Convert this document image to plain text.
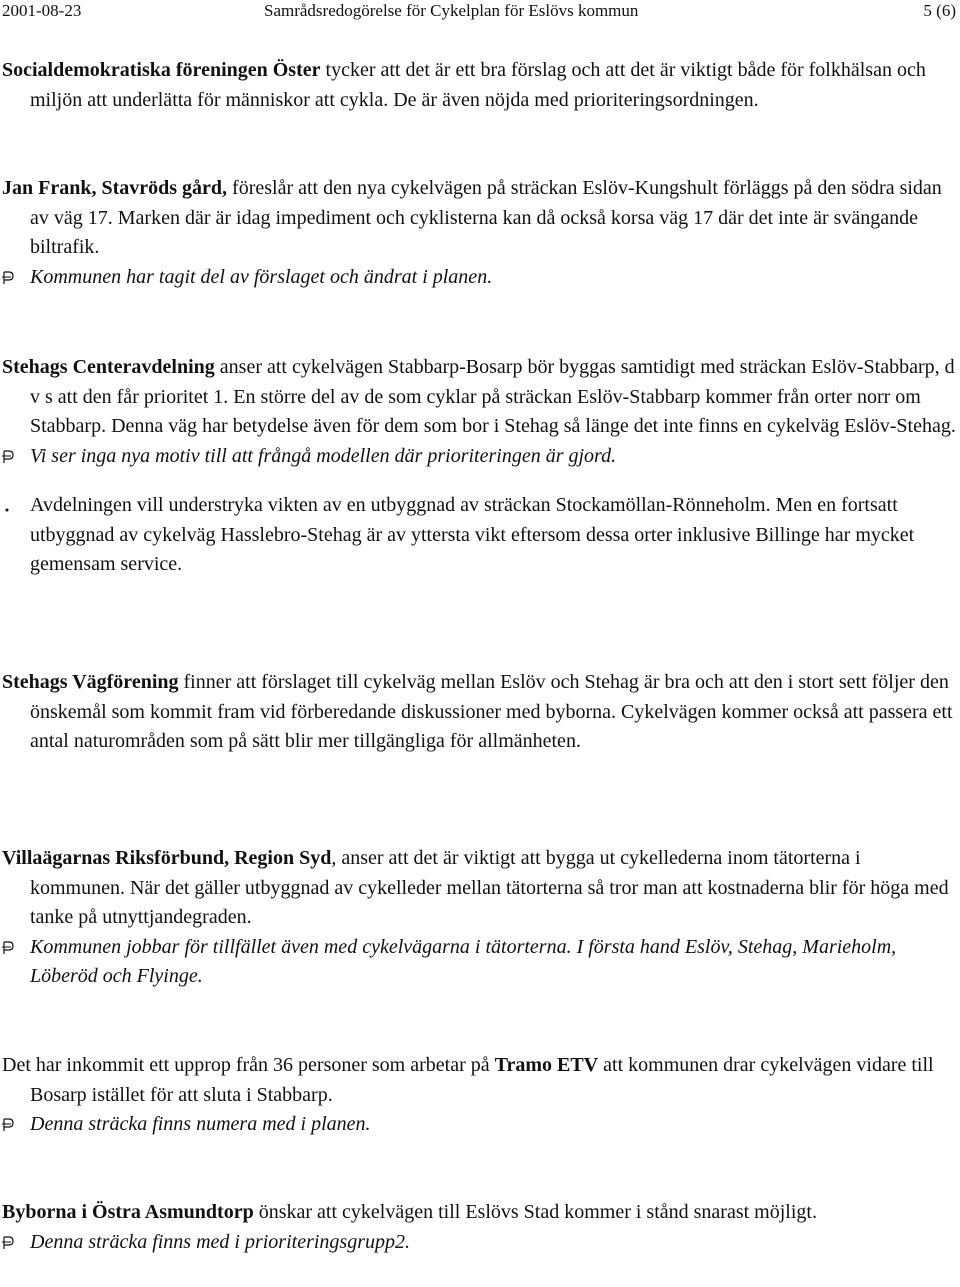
2001-08-23	Samrådsredogörelse för Cykelplan för Eslövs kommun	5 (6)

Socialdemokratiska föreningen Öster tycker att det är ett bra förslag och att det är viktigt både för folkhälsan och miljön att underlätta för människor att cykla. De är även nöjda med prioriteringsordningen.

Jan Frank, Stavröds gård, föreslår att den nya cykelvägen på sträckan Eslöv-Kungshult förläggs på den södra sidan av väg 17. Marken där är idag impediment och cyklisterna kan då också korsa väg 17 där det inte är svängande biltrafik.

Kommunen har tagit del av förslaget och ändrat i planen.

Stehags Centeravdelning anser att cykelvägen Stabbarp-Bosarp bör byggas samtidigt med sträckan Eslöv-Stabbarp, d v s att den får prioritet 1. En större del av de som cyklar på sträckan Eslöv-Stabbarp kommer från orter norr om Stabbarp. Denna väg har betydelse även för dem som bor i Stehag så länge det inte finns en cykelväg Eslöv-Stehag.

Vi ser inga nya motiv till att frångå modellen där prioriteringen är gjord.

Avdelningen vill understryka vikten av en utbyggnad av sträckan Stockamöllan-Rönneholm. Men en fortsatt utbyggnad av cykelväg Hasslebro-Stehag är av yttersta vikt eftersom dessa orter inklusive Billinge har mycket gemensam service.

Stehags Vägförening finner att förslaget till cykelväg mellan Eslöv och Stehag är bra och att den i stort sett följer den önskemål som kommit fram vid förberedande diskussioner med byborna. Cykelvägen kommer också att passera ett antal naturområden som på sätt blir mer tillgängliga för allmänheten.

Villaägarnas Riksförbund, Region Syd, anser att det är viktigt att bygga ut cykellederna inom tätorterna i kommunen. När det gäller utbyggnad av cykelleder mellan tätorterna så tror man att kostnaderna blir för höga med tanke på utnyttjandegraden.

Kommunen jobbar för tillfället även med cykelvägarna i tätorterna. I första hand Eslöv, Stehag, Marieholm, Löberöd och Flyinge.

Det har inkommit ett upprop från 36 personer som arbetar på Tramo ETV att kommunen drar cykelvägen vidare till Bosarp istället för att sluta i Stabbarp.

Denna sträcka finns numera med i planen.

Byborna i Östra Asmundtorp önskar att cykelvägen till Eslövs Stad kommer i stånd snarast möjligt.

Denna sträcka finns med i prioriteringsgrupp2.
